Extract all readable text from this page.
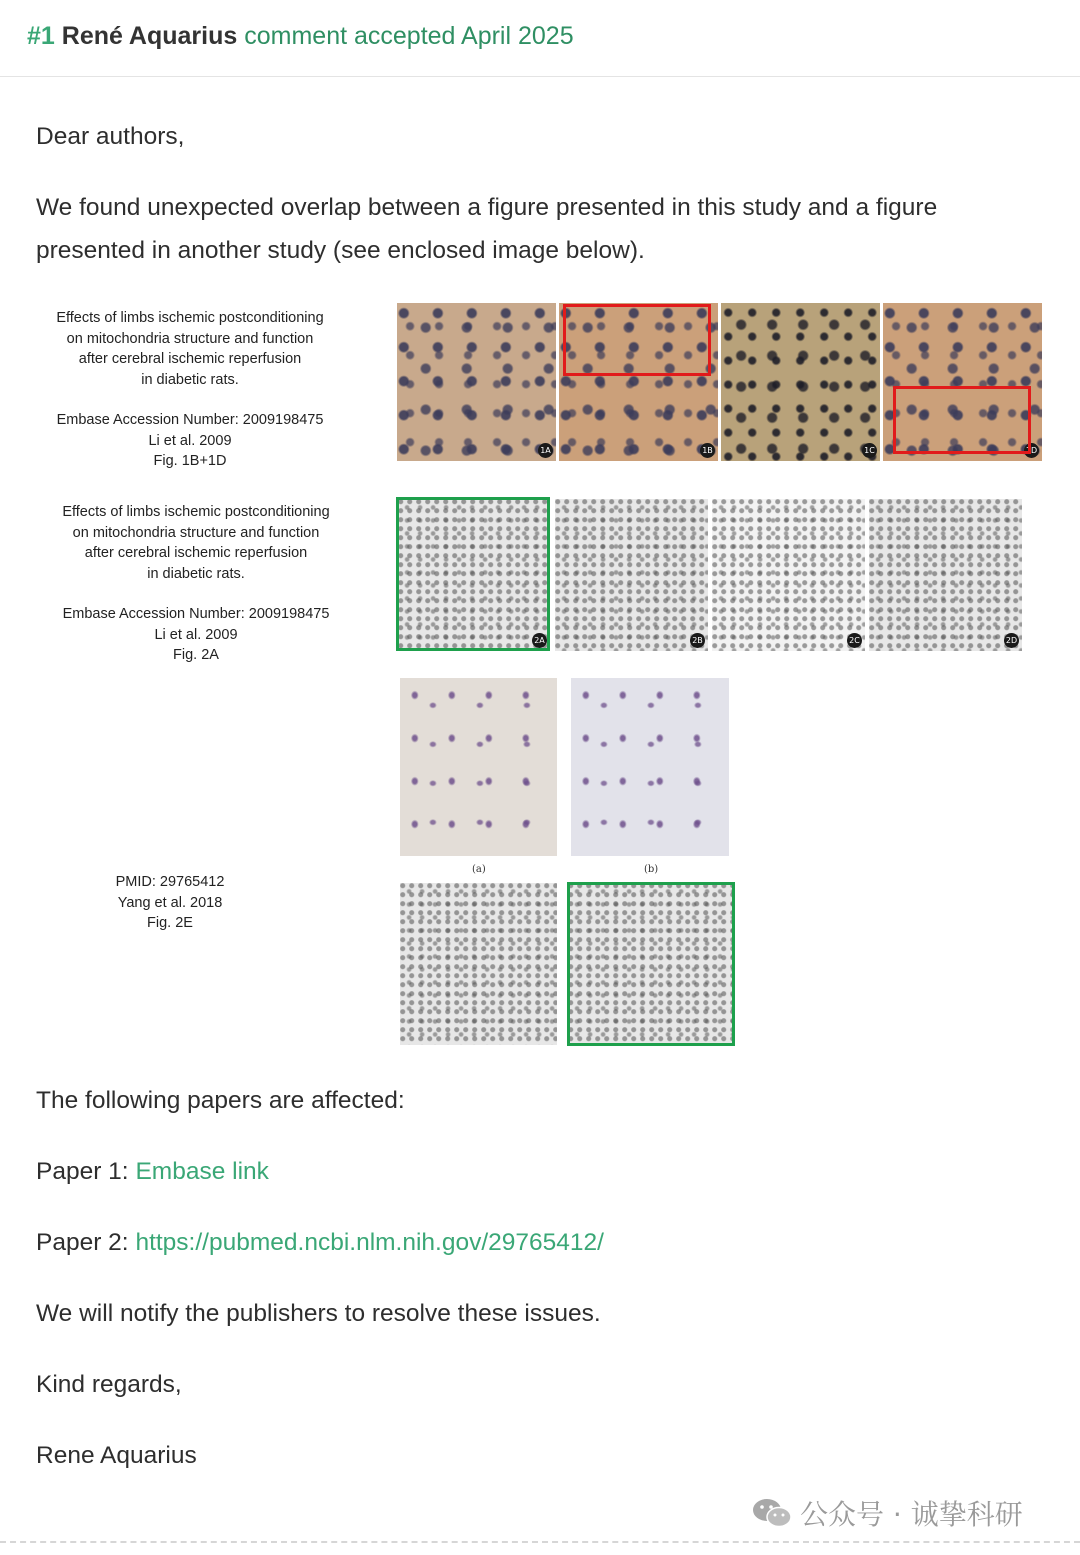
#1 René Aquarius comment accepted April 2025
Dear authors,
We found unexpected overlap between a figure presented in this study and a figure presented in another study (see enclosed image below).
Effects of limbs ischemic postconditioning
on mitochondria structure and function
after cerebral ischemic reperfusion
in diabetic rats.
Embase Accession Number: 2009198475
Li et al. 2009
Fig. 1B+1D
1A	1B	1C	1D
Effects of limbs ischemic postconditioning
on mitochondria structure and function
after cerebral ischemic reperfusion
in diabetic rats.
Embase Accession Number: 2009198475
Li et al. 2009
Fig. 2A
2A	2B	2C	2D
(a)	(b)
PMID: 29765412
Yang et al. 2018
Fig. 2E
The following papers are affected:
Paper 1: Embase link
Paper 2: https://pubmed.ncbi.nlm.nih.gov/29765412/
We will notify the publishers to resolve these issues.
Kind regards,
Rene Aquarius
公众号 · 诚挚科研
